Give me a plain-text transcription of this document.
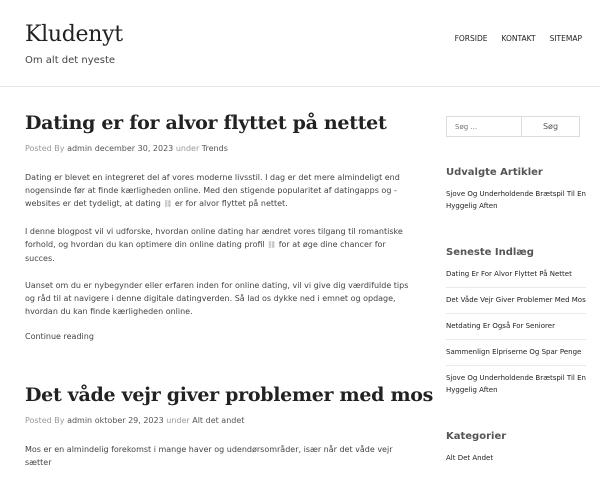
Kludenyt
Om alt det nyeste
FORSIDE KONTAKT SITEMAP
Dating er for alvor flyttet på nettet
Posted By admin december 30, 2023 under Trends

Dating er blevet en integreret del af vores moderne livsstil. I dag er det mere almindeligt end nogensinde før at finde kærligheden online. Med den stigende popularitet af datingapps og -websites er det tydeligt, at dating ⛓ er for alvor flyttet på nettet.

I denne blogpost vil vi udforske, hvordan online dating har ændret vores tilgang til romantiske forhold, og hvordan du kan optimere din online dating profil ⛓ for at øge dine chancer for succes.

Uanset om du er nybegynder eller erfaren inden for online dating, vil vi give dig værdifulde tips og råd til at navigere i denne digitale datingverden. Så lad os dykke ned i emnet og opdage, hvordan du kan finde kærligheden online.

Continue reading
Det våde vejr giver problemer med mos
Posted By admin oktober 29, 2023 under Alt det andet

Mos er en almindelig forekomst i mange haver og udendørsområder, især når det våde vejr sætter

Søg ...
Søg
Udvalgte Artikler
Sjove Og Underholdende Brætspil Til En Hyggelig Aften
Seneste Indlæg
Dating Er For Alvor Flyttet På Nettet
Det Våde Vejr Giver Problemer Med Mos
Netdating Er Også For Seniorer
Sammenlign Elpriserne Og Spar Penge
Sjove Og Underholdende Brætspil Til En Hyggelig Aften
Kategorier
Alt Det Andet
